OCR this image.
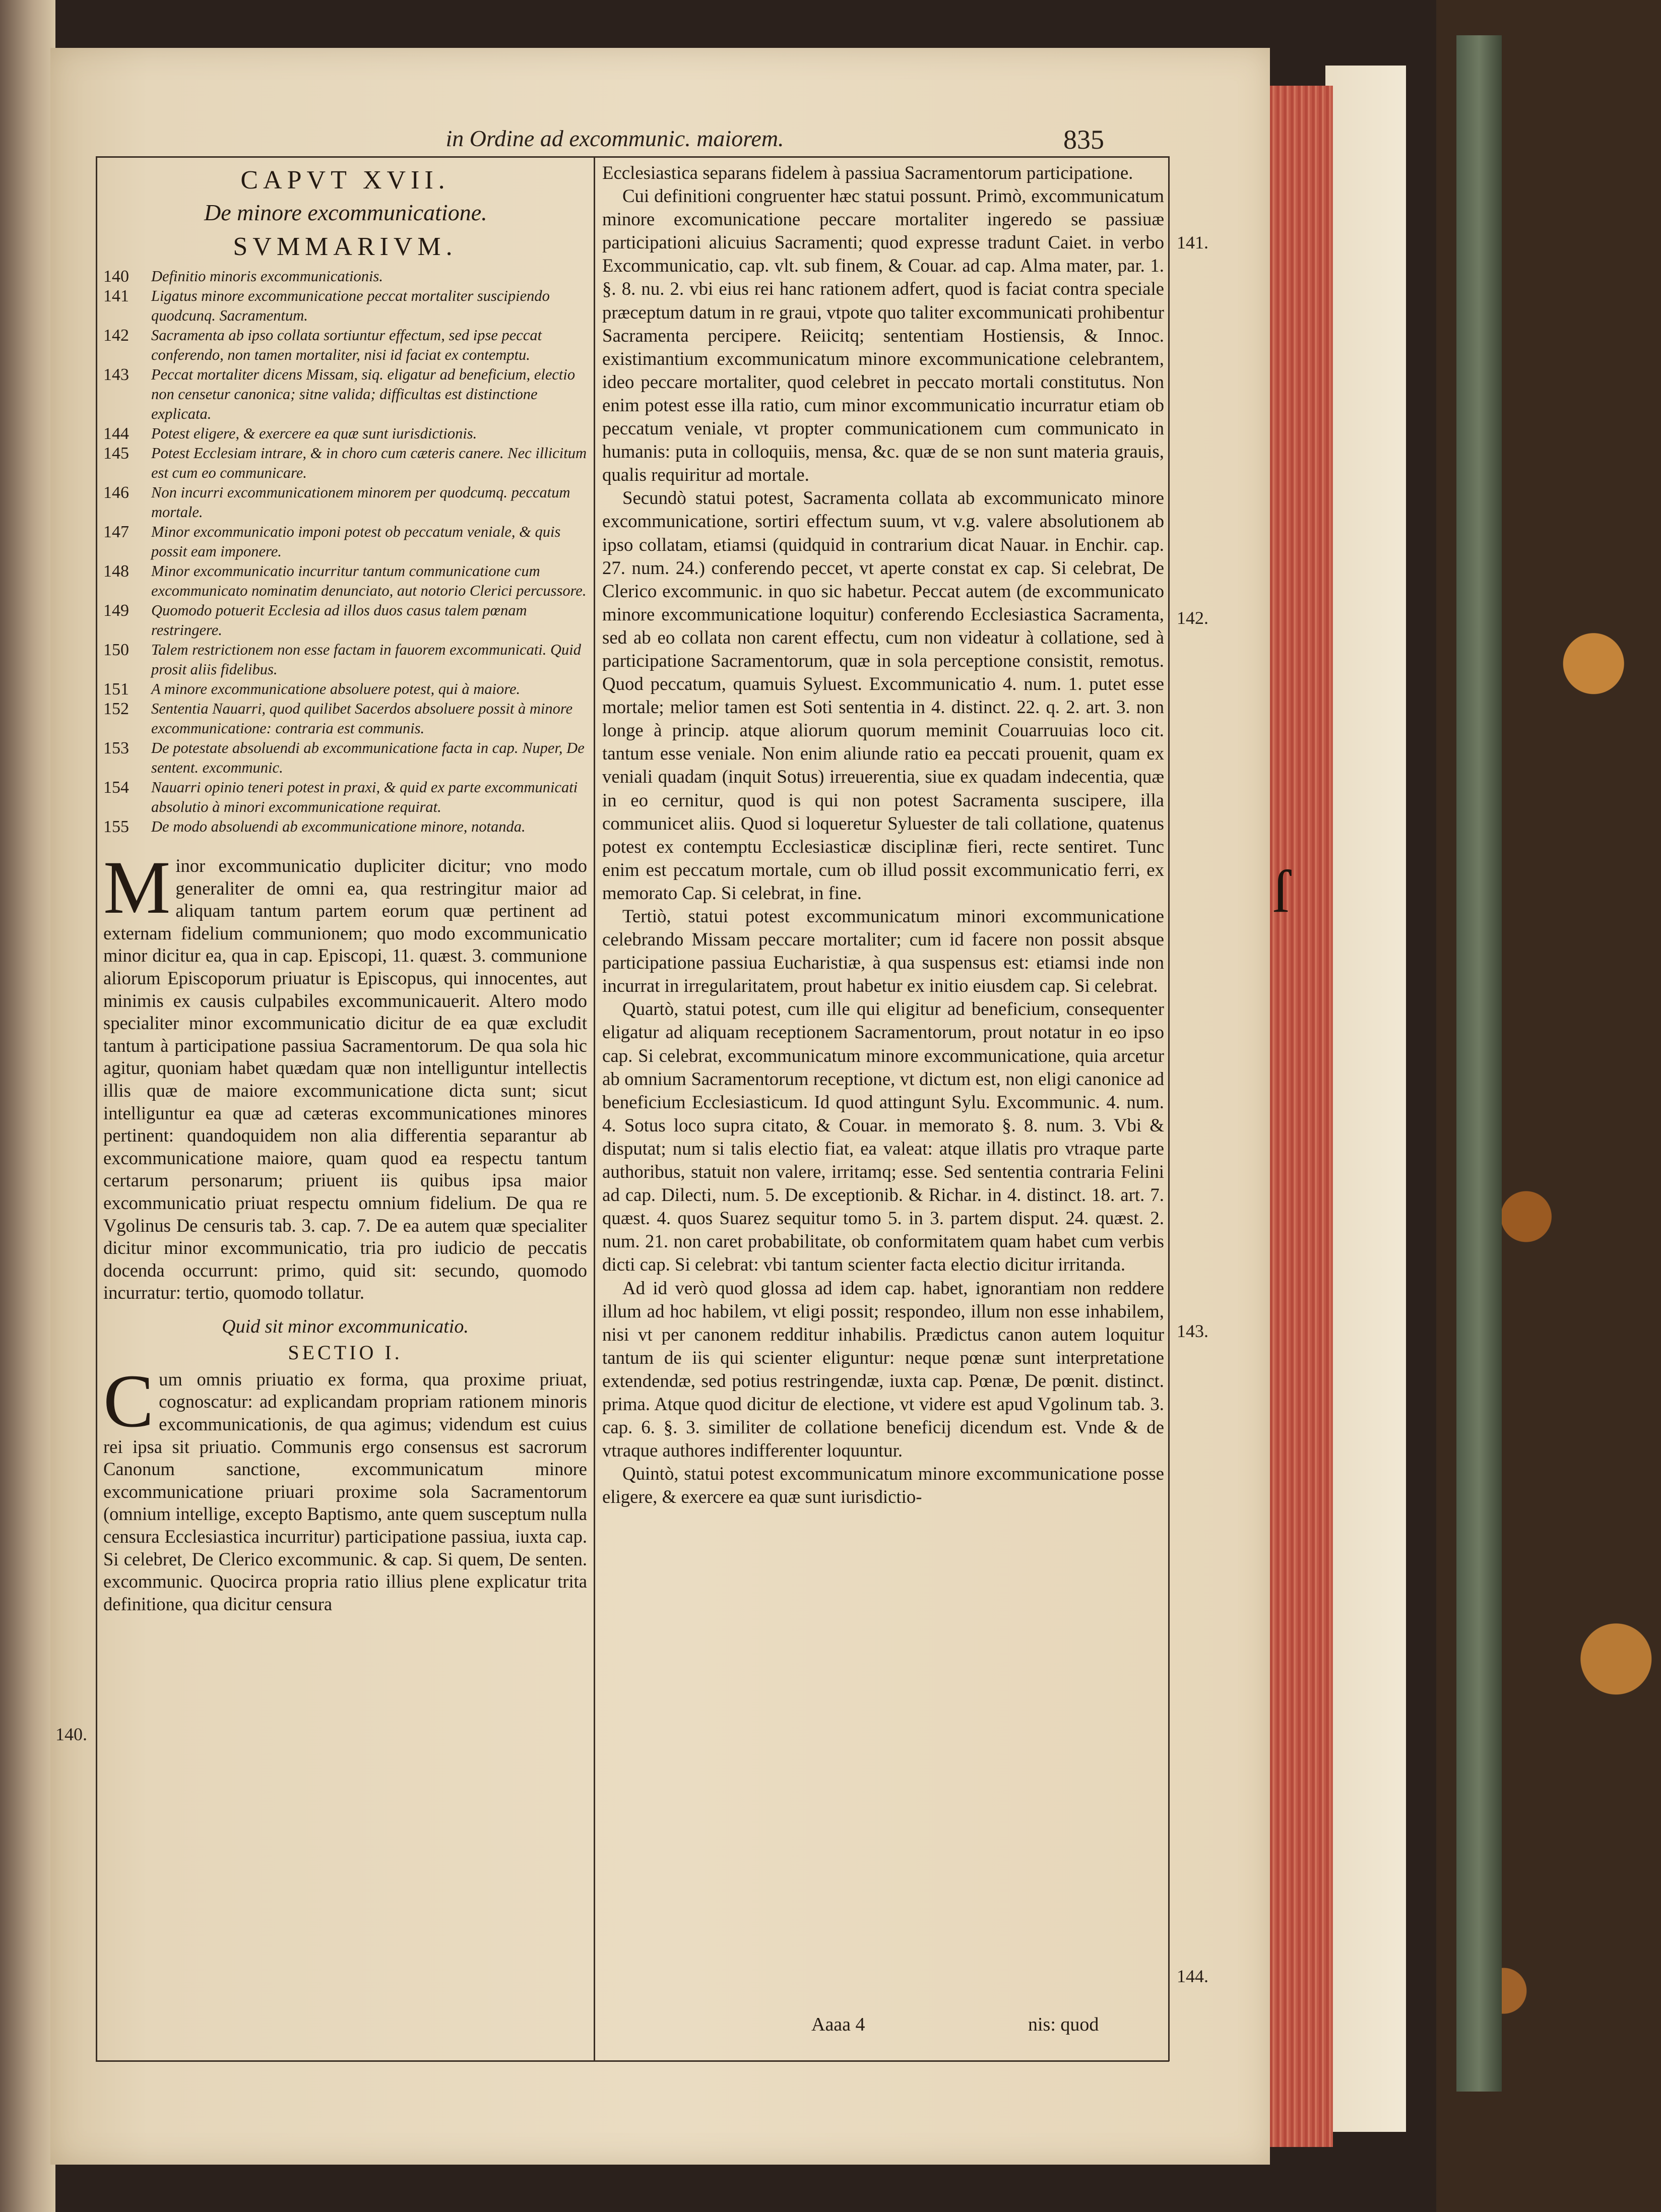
in Ordine ad excommunic. maiorem.	835
CAPVT XVII.
De minore excommunicatione.
SVMMARIVM.

140 Definitio minoris excommunicationis.

141 Ligatus minore excommunicatione peccat mortaliter suscipiendo quodcunq. Sacramentum.

142 Sacramenta ab ipso collata sortiuntur effectum, sed ipse peccat conferendo, non tamen mortaliter, nisi id faciat ex contemptu.

143 Peccat mortaliter dicens Missam, siq. eligatur ad beneficium, electio non censetur canonica; sitne valida; difficultas est distinctione explicata.

144 Potest eligere, & exercere ea quæ sunt iurisdictionis.

145 Potest Ecclesiam intrare, & in choro cum cæteris canere. Nec illicitum est cum eo communicare.

146 Non incurri excommunicationem minorem per quodcumq. peccatum mortale.

147 Minor excommunicatio imponi potest ob peccatum veniale, & quis possit eam imponere.

148 Minor excommunicatio incurritur tantum communicatione cum excommunicato nominatim denunciato, aut notorio Clerici percussore.

149 Quomodo potuerit Ecclesia ad illos duos casus talem pœnam restringere.

150 Talem restrictionem non esse factam in fauorem excommunicati. Quid prosit aliis fidelibus.

151 A minore excommunicatione absoluere potest, qui à maiore.

152 Sententia Nauarri, quod quilibet Sacerdos absoluere possit à minore excommunicatione: contraria est communis.

153 De potestate absoluendi ab excommunicatione facta in cap. Nuper, De sentent. excommunic.

154 Nauarri opinio teneri potest in praxi, & quid ex parte excommunicati absolutio à minori excommunicatione requirat.

155 De modo absoluendi ab excommunicatione minore, notanda.

Minor excommunicatio dupliciter dicitur; vno modo generaliter de omni ea, qua restringitur maior ad aliquam tantum partem eorum quæ pertinent ad externam fidelium communionem; quo modo excommunicatio minor dicitur ea, qua in cap. Episcopi, 11. quæst. 3. communione aliorum Episcoporum priuatur is Episcopus, qui innocentes, aut minimis ex causis culpabiles excommunicauerit. Altero modo specialiter minor excommunicatio dicitur de ea quæ excludit tantum à participatione passiua Sacramentorum. De qua sola hic agitur, quoniam habet quædam quæ non intelliguntur intellectis illis quæ de maiore excommunicatione dicta sunt; sicut intelliguntur ea quæ ad cæteras excommunicationes minores pertinent: quandoquidem non alia differentia separantur ab excommunicatione maiore, quam quod ea respectu tantum certarum personarum; priuent iis quibus ipsa maior excommunicatio priuat respectu omnium fidelium. De qua re Vgolinus De censuris tab. 3. cap. 7. De ea autem quæ specialiter dicitur minor excommunicatio, tria pro iudicio de peccatis docenda occurrunt: primo, quid sit: secundo, quomodo incurratur: tertio, quomodo tollatur.

Quid sit minor excommunicatio.
SECTIO I.

Cum omnis priuatio ex forma, qua proxime priuat, cognoscatur: ad explicandam propriam rationem minoris excommunicationis, de qua agimus; videndum est cuius rei ipsa sit priuatio. Communis ergo consensus est sacrorum Canonum sanctione, excommunicatum minore excommunicatione priuari proxime sola Sacramentorum (omnium intellige, excepto Baptismo, ante quem susceptum nulla censura Ecclesiastica incurritur) participatione passiua, iuxta cap. Si celebret, De Clerico excommunic. & cap. Si quem, De senten. excommunic. Quocirca propria ratio illius plene explicatur trita definitione, qua dicitur censura

Ecclesiastica separans fidelem à passiua Sacramentorum participatione.

Cui definitioni congruenter hæc statui possunt. Primò, excommunicatum minore excomunicatione peccare mortaliter ingeredo se passiuæ participationi alicuius Sacramenti; quod expresse tradunt Caiet. in verbo Excommunicatio, cap. vlt. sub finem, & Couar. ad cap. Alma mater, par. 1. §. 8. nu. 2. vbi eius rei hanc rationem adfert, quod is faciat contra speciale præceptum datum in re graui, vtpote quo taliter excommunicati prohibentur Sacramenta percipere. Reiicitq; sententiam Hostiensis, & Innoc. existimantium excommunicatum minore excommunicatione celebrantem, ideo peccare mortaliter, quod celebret in peccato mortali constitutus. Non enim potest esse illa ratio, cum minor excommunicatio incurratur etiam ob peccatum veniale, vt propter communicationem cum communicato in humanis: puta in colloquiis, mensa, &c. quæ de se non sunt materia grauis, qualis requiritur ad mortale.

Secundò statui potest, Sacramenta collata ab excommunicato minore excommunicatione, sortiri effectum suum, vt v.g. valere absolutionem ab ipso collatam, etiamsi (quidquid in contrarium dicat Nauar. in Enchir. cap. 27. num. 24.) conferendo peccet, vt aperte constat ex cap. Si celebrat, De Clerico excommunic. in quo sic habetur. Peccat autem (de excommunicato minore excommunicatione loquitur) conferendo Ecclesiastica Sacramenta, sed ab eo collata non carent effectu, cum non videatur à collatione, sed à participatione Sacramentorum, quæ in sola perceptione consistit, remotus. Quod peccatum, quamuis Syluest. Excommunicatio 4. num. 1. putet esse mortale; melior tamen est Soti sententia in 4. distinct. 22. q. 2. art. 3. non longe à princip. atque aliorum quorum meminit Couarruuias loco cit. tantum esse veniale. Non enim aliunde ratio ea peccati prouenit, quam ex veniali quadam (inquit Sotus) irreuerentia, siue ex quadam indecentia, quæ in eo cernitur, quod is qui non potest Sacramenta suscipere, illa communicet aliis. Quod si loqueretur Syluester de tali collatione, quatenus potest ex contemptu Ecclesiasticæ disciplinæ fieri, recte sentiret. Tunc enim est peccatum mortale, cum ob illud possit excommunicatio ferri, ex memorato Cap. Si celebrat, in fine.

Tertiò, statui potest excommunicatum minori excommunicatione celebrando Missam peccare mortaliter; cum id facere non possit absque participatione passiua Eucharistiæ, à qua suspensus est: etiamsi inde non incurrat in irregularitatem, prout habetur ex initio eiusdem cap. Si celebrat.

Quartò, statui potest, cum ille qui eligitur ad beneficium, consequenter eligatur ad aliquam receptionem Sacramentorum, prout notatur in eo ipso cap. Si celebrat, excommunicatum minore excommunicatione, quia arcetur ab omnium Sacramentorum receptione, vt dictum est, non eligi canonice ad beneficium Ecclesiasticum. Id quod attingunt Sylu. Excommunic. 4. num. 4. Sotus loco supra citato, & Couar. in memorato §. 8. num. 3. Vbi & disputat; num si talis electio fiat, ea valeat: atque illatis pro vtraque parte authoribus, statuit non valere, irritamq; esse. Sed sententia contraria Felini ad cap. Dilecti, num. 5. De exceptionib. & Richar. in 4. distinct. 18. art. 7. quæst. 4. quos Suarez sequitur tomo 5. in 3. partem disput. 24. quæst. 2. num. 21. non caret probabilitate, ob conformitatem quam habet cum verbis dicti cap. Si celebrat: vbi tantum scienter facta electio dicitur irritanda.

Ad id verò quod glossa ad idem cap. habet, ignorantiam non reddere illum ad hoc habilem, vt eligi possit; respondeo, illum non esse inhabilem, nisi vt per canonem redditur inhabilis. Prædictus canon autem loquitur tantum de iis qui scienter eliguntur: neque pœnæ sunt interpretatione extendendæ, sed potius restringendæ, iuxta cap. Pœnæ, De pœnit. distinct. prima. Atque quod dicitur de electione, vt videre est apud Vgolinum tab. 3. cap. 6. §. 3. similiter de collatione beneficij dicendum est. Vnde & de vtraque authores indifferenter loquuntur.

Quintò, statui potest excommunicatum minore excommunicatione posse eligere, & exercere ea quæ sunt iurisdictio-

141.
142.
143.
144.
140.
ſ
Aaaa 4	nis: quod
